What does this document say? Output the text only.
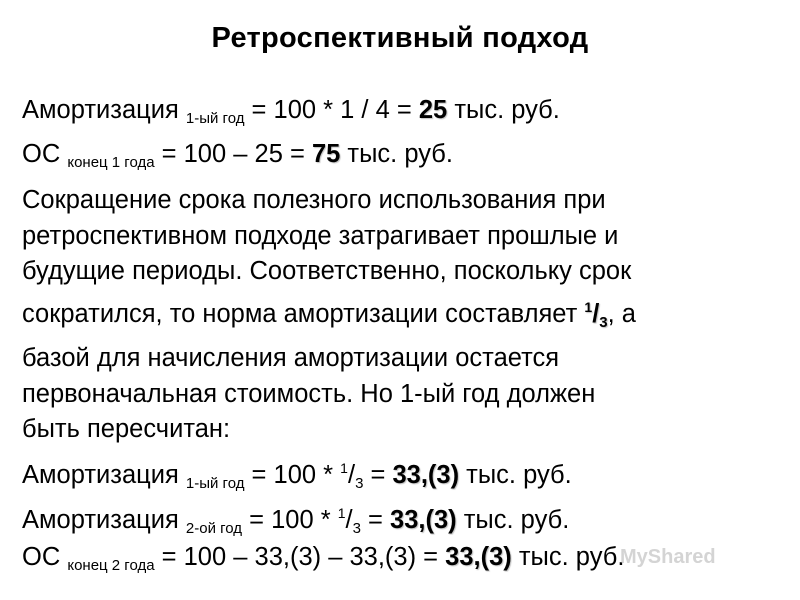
Ретроспективный подход
Амортизация $_{1-ый год}$ = 100 * 1 / 4 = 25 тыс. руб.
ОС $_{конец 1 года}$ = 100 – 25 = 75 тыс. руб.
Сокращение срока полезного использования при
ретроспективном подходе затрагивает прошлые и
будущие периоды. Соответственно, поскольку срок
сократился, то норма амортизации составляет $^1/_3$, а
базой для начисления амортизации остается
первоначальная стоимость. Но 1-ый год должен
быть пересчитан:
Амортизация $_{1-ый год} = 100 * ^1/_3 = 33,(3)$ тыс. руб.
Амортизация $_{2-ой год} = 100 * ^1/_3 = 33,(3)$ тыс. руб.
ОС $_{конец 2 года}$ = 100 – 33,(3) – 33,(3) = 33,(3) тыс. руб.
MyShared
